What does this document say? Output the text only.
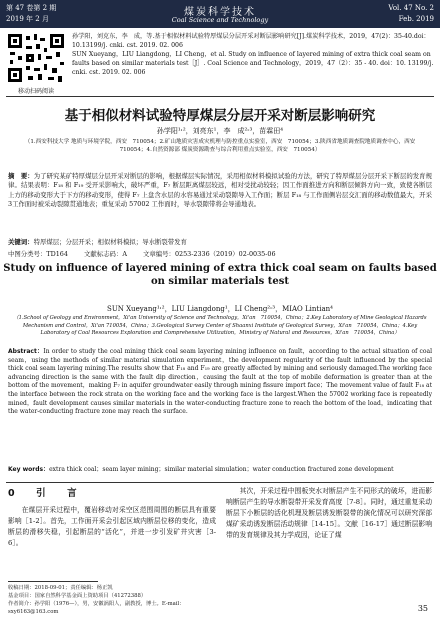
第 47 卷第 2 期
2019 年 2 月
煤炭科学技术
Coal Science and Technology
Vol. 47 No. 2
Feb. 2019
移动扫码阅读
孙学阳，刘克东，李　成，等.基于相似材料试验特厚煤层分层开采对断层影响研究[J].煤炭科学技术，2019，47(2)：35-40.doi：10.13199/j. cnki. cst. 2019. 02. 006
SUN Xueyang，LIU Liangdong，LI Cheng，et al. Study on influence of layered mining of extra thick coal seam on faults based on similar materials test［J］. Coal Science and Technology，2019，47（2）：35 - 40. doi：10. 13199/j. cnki. cst. 2019. 02. 006
基于相似材料试验特厚煤层分层开采对断层影响研究
孙学阳¹˒²，刘亮东¹，李　成²˒³，苗霖田⁴
（1.西安科技大学 地质与环境学院，西安　710054；2.矿山地质灾害成灾机理与防控重点实验室，西安　710054；3.陕西省地质调查院地质调查中心，西安　710054；4.自然资源部 煤炭资源勘查与综合利用重点实验室，西安　710054）
摘　要：为了研究某矿特厚煤层分层开采对断层的影响，根据煤层实际情况，采用相似材料模拟试验的方法，研究了特厚煤层分层开采下断层的发育规律。结果表明：F₁₈ 和 F₁₉ 受开采影响大，破坏严重，F₇ 断层距离煤层较远，相对受扰动较轻；因工作面推进方向和断层倾斜方向一致，致使各断层上方的移动变形大于下方的移动变形，使得 F₇ 上盘含水层的水容易通过采动裂隙导入工作面；断层 F₁₈ 与工作面侧岩层交汇面的移动数值最大，开采3工作面时被采动裂隙贯通地表；重复采动 57002 工作面时，导水裂隙带将会导通地表。
关键词：特厚煤层；分层开采；相似材料模拟；导水断裂带发育
中图分类号：TD164	文献标志码：A	文章编号：0253-2336（2019）02-0035-06
Study on influence of layered mining of extra thick coal seam on faults based on similar materials test
SUN Xueyang¹˒²，LIU Liangdong¹，LI Cheng²˒³，MIAO Lintian⁴
（1.School of Geology and Environment，Xi'an University of Science and Technology，Xi'an　710054，China；2.Key Laboratory of Mine Geological Hazards Mechanism and Control，Xi'an 710054，China；3.Geological Survey Center of Shaanxi Institute of Geological Survey，Xi'an　710054，China；4.Key Laboratory of Coal Resources Exploration and Comprehensive Utilization，Ministry of Natural and Resources，Xi'an　710054，China）
Abstract：In order to study the coal mining thick coal seam layering mining influence on fault，according to the actual situation of coal seam，using the methods of similar material simulation experiment，the development regularity of the fault influenced by the special thick coal seam layering mining.The results show that F₁₈ and F₁₉ are greatly affected by mining and seriously damaged.The working face advancing direction is the same with the fault dip direction，causing the fault at the top of mobile deformation is greater than at the bottom of the movement，making F₇ in aquifer groundwater easily through mining fissure import face；The movement value of fault F₁₈ at the interface between the rock strata on the working face and the working face is the largest.When the 57002 working face is repeatedly mined，fault development causes similar materials in the water-conducting fracture zone to reach the bottom of the load，indicating that the water-conducting fracture zone may reach the surface.
Key words：extra thick coal；seam layer mining；similar material simulation；water conduction fractured zone development
0　引　言
在煤层开采过程中，覆岩移动对采空区范围周围的断层具有重要影响［1-2］。首先，工作面开采会引起区域内断层位移的变化，造成断层的滑移失稳，引起断层的“活化”，并进一步引发矿井灾害［3-6］。
其次，开采过程中围板突水对断层产生不同形式的破坏，进而影响断层产生的导水断裂带开采发育高度［7-8］。同时，通过重复采动断层下小断层的活化机理及断层诱发断裂带的演化情况可以研究深部煤矿采动诱发断层活动规律［14-15］。文献［16-17］通过断层影响带的发育规律及其力学成因，论证了煤
收稿日期：2018-09-01；责任编辑：杨正凯
基金项目：国家自然科学基金面上资助项目（41272388）
作者简介：孙学阳（1976—），男，安徽涡阳人，副教授，博士。E-mail：sxy6163@163.com	35
